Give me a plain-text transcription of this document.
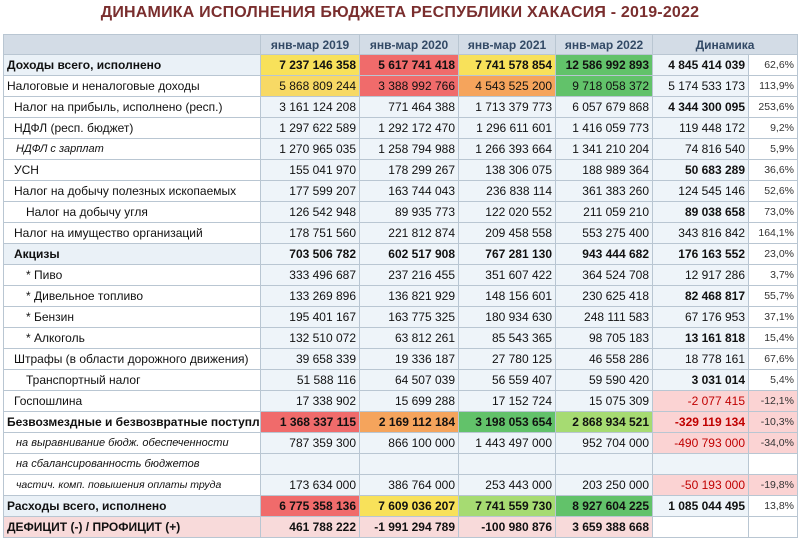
ДИНАМИКА ИСПОЛНЕНИЯ БЮДЖЕТА РЕСПУБЛИКИ ХАКАСИЯ - 2019-2022
	янв-мар 2019	янв-мар 2020	янв-мар 2021	янв-мар 2022	Динамика	
Доходы всего, исполнено	7 237 146 358	5 617 741 418	7 741 578 854	12 586 992 893	4 845 414 039	62,6%
Налоговые и неналоговые доходы	5 868 809 244	3 388 992 766	4 543 525 200	9 718 058 372	5 174 533 173	113,9%
Налог на прибыль, исполнено (респ.)	3 161 124 208	771 464 388	1 713 379 773	6 057 679 868	4 344 300 095	253,6%
НДФЛ (респ. бюджет)	1 297 622 589	1 292 172 470	1 296 611 601	1 416 059 773	119 448 172	9,2%
НДФЛ с зарплат	1 270 965 035	1 258 794 988	1 266 393 664	1 341 210 204	74 816 540	5,9%
УСН	155 041 970	178 299 267	138 306 075	188 989 364	50 683 289	36,6%
Налог на добычу полезных ископаемых	177 599 207	163 744 043	236 838 114	361 383 260	124 545 146	52,6%
Налог на добычу угля	126 542 948	89 935 773	122 020 552	211 059 210	89 038 658	73,0%
Налог на имущество организаций	178 751 560	221 812 874	209 458 558	553 275 400	343 816 842	164,1%
Акцизы	703 506 782	602 517 908	767 281 130	943 444 682	176 163 552	23,0%
* Пиво	333 496 687	237 216 455	351 607 422	364 524 708	12 917 286	3,7%
* Дивельное топливо	133 269 896	136 821 929	148 156 601	230 625 418	82 468 817	55,7%
* Бензин	195 401 167	163 775 325	180 934 630	248 111 583	67 176 953	37,1%
* Алкоголь	132 510 072	63 812 261	85 543 365	98 705 183	13 161 818	15,4%
Штрафы (в области дорожного движения)	39 658 339	19 336 187	27 780 125	46 558 286	18 778 161	67,6%
Транспортный налог	51 588 116	64 507 039	56 559 407	59 590 420	3 031 014	5,4%
Госпошлина	17 338 902	15 699 288	17 152 724	15 075 309	-2 077 415	-12,1%
Безвозмездные и безвозвратные поступл	1 368 337 115	2 169 112 184	3 198 053 654	2 868 934 521	-329 119 134	-10,3%
на выравнивание бюдж. обеспеченности	787 359 300	866 100 000	1 443 497 000	952 704 000	-490 793 000	-34,0%
на сбалансированность бюджетов						
частич. комп. повышения оплаты труда	173 634 000	386 764 000	253 443 000	203 250 000	-50 193 000	-19,8%
Расходы всего, исполнено	6 775 358 136	7 609 036 207	7 741 559 730	8 927 604 225	1 085 044 495	13,8%
ДЕФИЦИТ (-) / ПРОФИЦИТ (+)	461 788 222	-1 991 294 789	-100 980 876	3 659 388 668		
